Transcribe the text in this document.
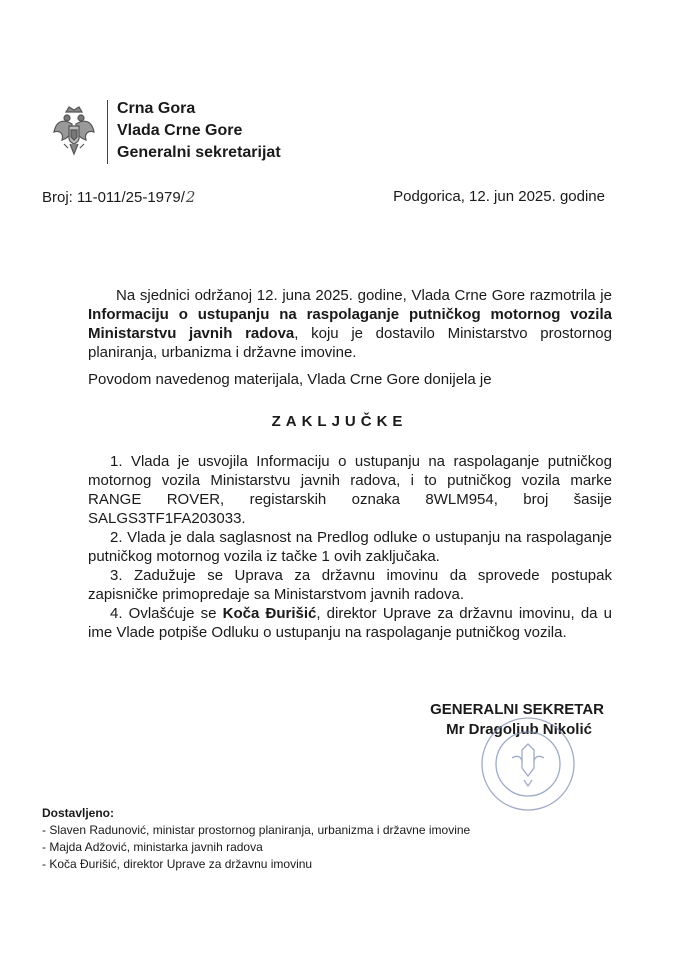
Crna Gora
Vlada Crne Gore
Generalni sekretarijat
Broj: 11-011/25-1979/2	Podgorica, 12. jun 2025. godine
Na sjednici održanoj 12. juna 2025. godine, Vlada Crne Gore razmotrila je Informaciju o ustupanju na raspolaganje putničkog motornog vozila Ministarstvu javnih radova, koju je dostavilo Ministarstvo prostornog planiranja, urbanizma i državne imovine.
Povodom navedenog materijala, Vlada Crne Gore donijela je
ZAKLJUČKE

1. Vlada je usvojila Informaciju o ustupanju na raspolaganje putničkog motornog vozila Ministarstvu javnih radova, i to putničkog vozila marke RANGE ROVER, registarskih oznaka 8WLM954, broj šasije SALGS3TF1FA203033.

2. Vlada je dala saglasnost na Predlog odluke o ustupanju na raspolaganje putničkog motornog vozila iz tačke 1 ovih zaključaka.

3. Zadužuje se Uprava za državnu imovinu da sprovede postupak zapisničke primopredaje sa Ministarstvom javnih radova.

4. Ovlašćuje se Koča Đurišić, direktor Uprave za državnu imovinu, da u ime Vlade potpiše Odluku o ustupanju na raspolaganje putničkog vozila.

GENERALNI SEKRETAR
Mr Dragoljub Nikolić
Dostavljeno:
- Slaven Radunović, ministar prostornog planiranja, urbanizma i državne imovine
- Majda Adžović, ministarka javnih radova
- Koča Đurišić, direktor Uprave za državnu imovinu
